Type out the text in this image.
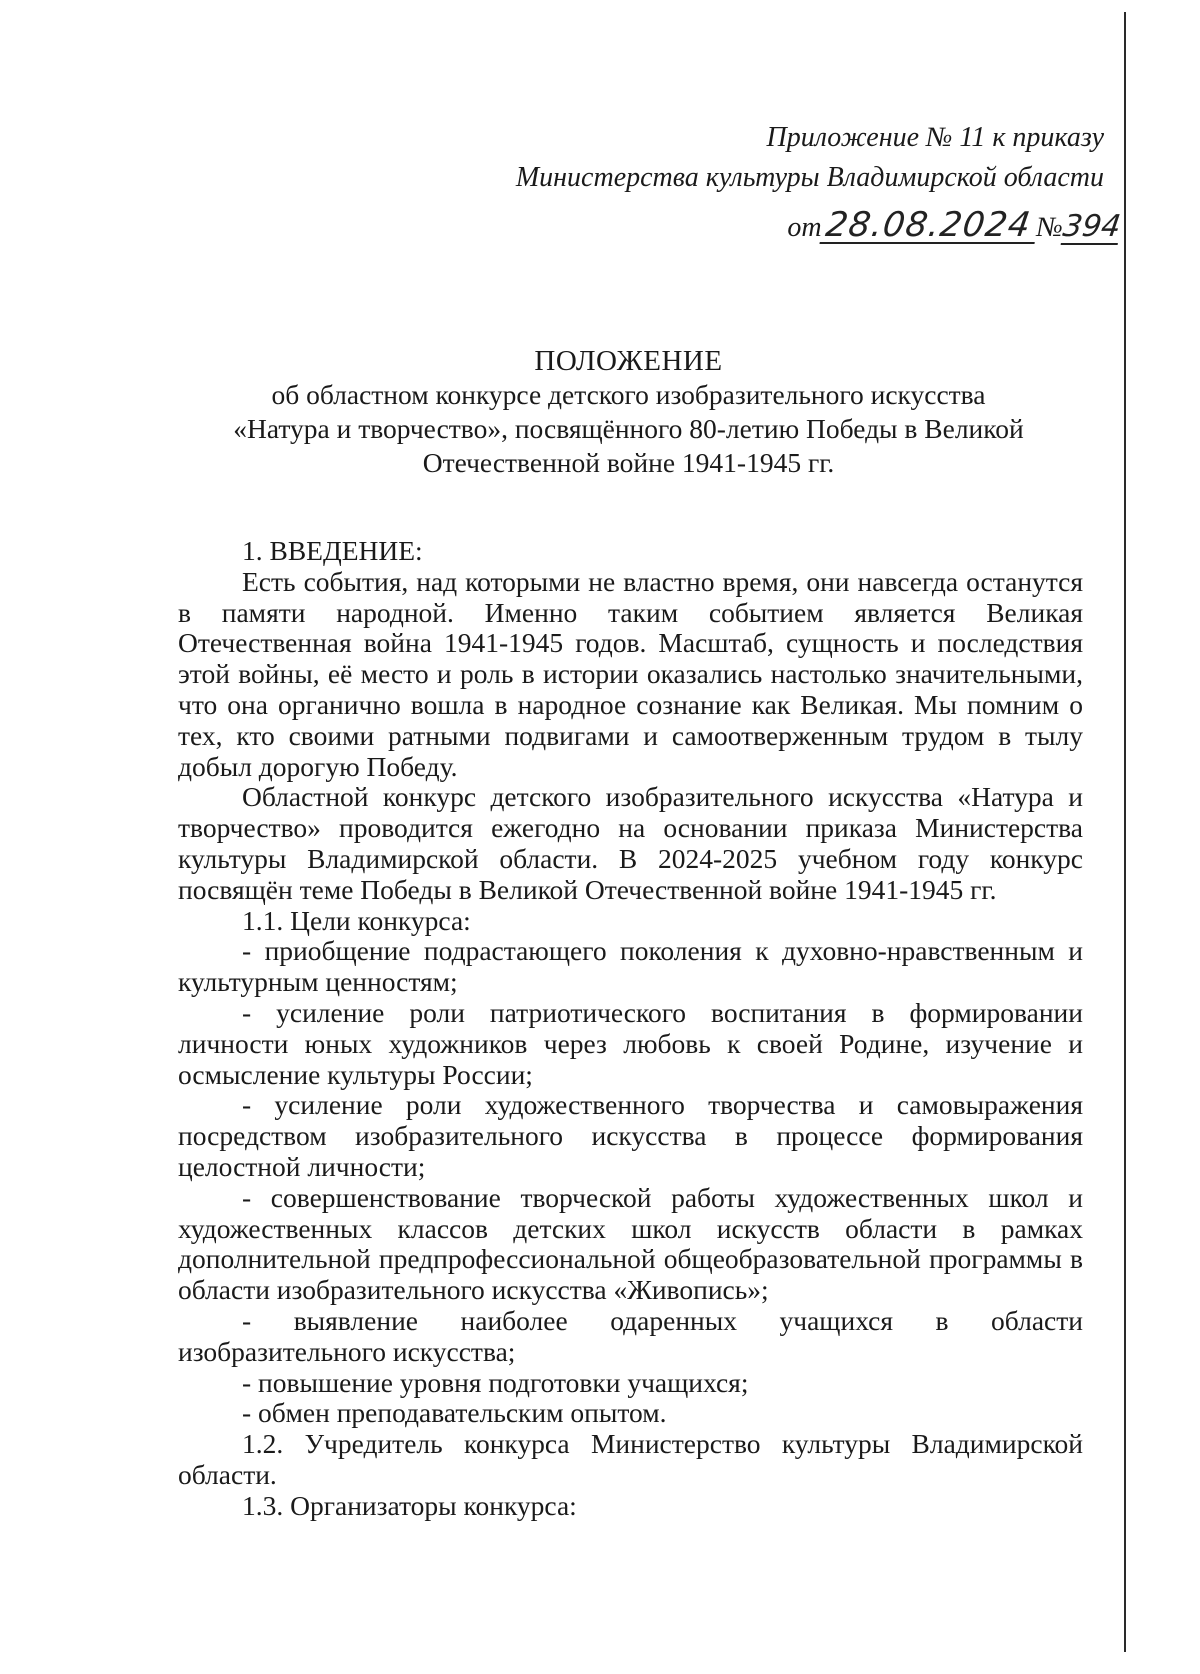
Приложение № 11 к приказу
Министерства культуры Владимирской области
от28.08.2024 №394
ПОЛОЖЕНИЕ
об областном конкурсе детского изобразительного искусства
«Натура и творчество», посвящённого 80-летию Победы в Великой
Отечественной войне 1941-1945 гг.

1. ВВЕДЕНИЕ:

Есть события, над которыми не властно время, они навсегда останутся в памяти народной. Именно таким событием является Великая Отечественная война 1941-1945 годов. Масштаб, сущность и последствия этой войны, её место и роль в истории оказались настолько значительными, что она органично вошла в народное сознание как Великая. Мы помним о тех, кто своими ратными подвигами и самоотверженным трудом в тылу добыл дорогую Победу.

Областной конкурс детского изобразительного искусства «Натура и творчество» проводится ежегодно на основании приказа Министерства культуры Владимирской области. В 2024-2025 учебном году конкурс посвящён теме Победы в Великой Отечественной войне 1941-1945 гг.

1.1. Цели конкурса:

- приобщение подрастающего поколения к духовно-нравственным и культурным ценностям;

- усиление роли патриотического воспитания в формировании личности юных художников через любовь к своей Родине, изучение и осмысление культуры России;

- усиление роли художественного творчества и самовыражения посредством изобразительного искусства в процессе формирования целостной личности;

- совершенствование творческой работы художественных школ и художественных классов детских школ искусств области в рамках дополнительной предпрофессиональной общеобразовательной программы в области изобразительного искусства «Живопись»;

- выявление наиболее одаренных учащихся в области изобразительного искусства;

- повышение уровня подготовки учащихся;

- обмен преподавательским опытом.

1.2. Учредитель конкурса Министерство культуры Владимирской области.

1.3. Организаторы конкурса:
